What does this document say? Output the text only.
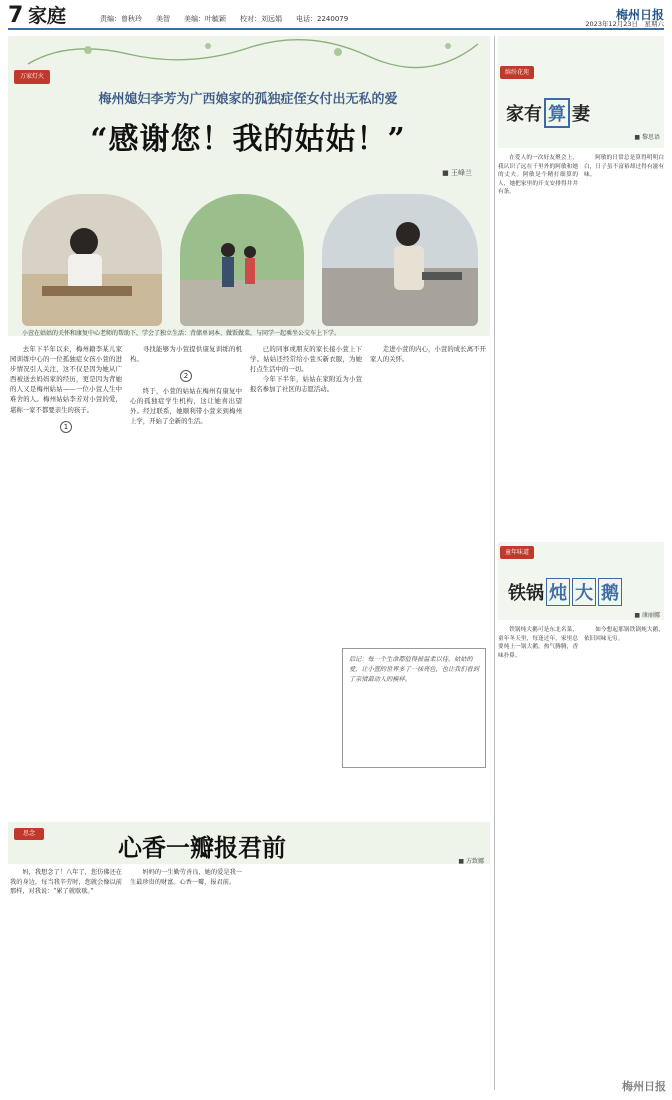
7 家庭	责编：曾秋玲　　美智　　美编：叶毓颖　　校对：刘远娟　　电话：2240079	梅州日报
2023年12月23日　星期六
万家灯火
梅州媳妇李芳为广西娘家的孤独症侄女付出无私的爱
“感谢您！我的姑姑！”
■ 王峰兰
小萱在姑姑的关怀和康复中心老师的帮助下，学会了独立生活：背储单词本、做饭做菜，与同学一起乘坐公交车上下学。

去年下半年以来，梅州籍李某儿家园训练中心的一位孤独症女孩小萱的进步情况引人关注，这不仅是因为她从广西被送去妈妈家的经历，更是因为背她的人又是梅州姑姑——一位小萱人生中难舍的人。梅州姑姑李芳对小萱的爱，堪称一家不都要亲生的孩子。

1

寻找能够为小萱提供康复训练的机构。

2

终于，小萱的姑姑在梅州有康复中心的孤独症学生机构，这让她喜出望外。经过联系，她顺利带小萱来到梅州上学，开始了全新的生活。

已的同事或朋友的家长接小萱上下学。姑姑还经常给小萱买新衣服，为她打点生活中的一切。

今年下半年，姑姑在家附近为小萱报名参加了社区的志愿活动。

走进小萱的内心，小萱的成长离不开家人的关怀。

后记：每一个生命都值得被温柔以待。姑姑的爱，让小萱的世界多了一抹亮色，也让我们看到了亲情最动人的模样。

缤纷花苑
家有 算 妻
■ 黎思语

在爱人的一次好友聚会上，我认识了远在千里外的阿敏和她的丈夫。阿敏是个精打细算的人，她把家里的开支安排得井井有条。

阿敏的日常总是算得明明白白，日子虽不富裕却过得有滋有味。

童年味道
铁锅 炖 大 鹅
■ 康丽娜

铁锅炖大鹅可是东北名菜，童年冬天里，每逢过年，家里总要炖上一锅大鹅，热气腾腾，香味扑鼻。

如今想起那锅铁锅炖大鹅，依旧回味无穷。

思念	心香一瓣报君前	■ 方致娜

妈，我想念了！八年了，您仿佛还在我的身边，每当我辛劳时，您就会像以前那样，对我说：“累了就歇歇。”

妈妈的一生勤劳善良，她的爱是我一生最珍贵的财富。心香一瓣，报君前。

梅州日报
